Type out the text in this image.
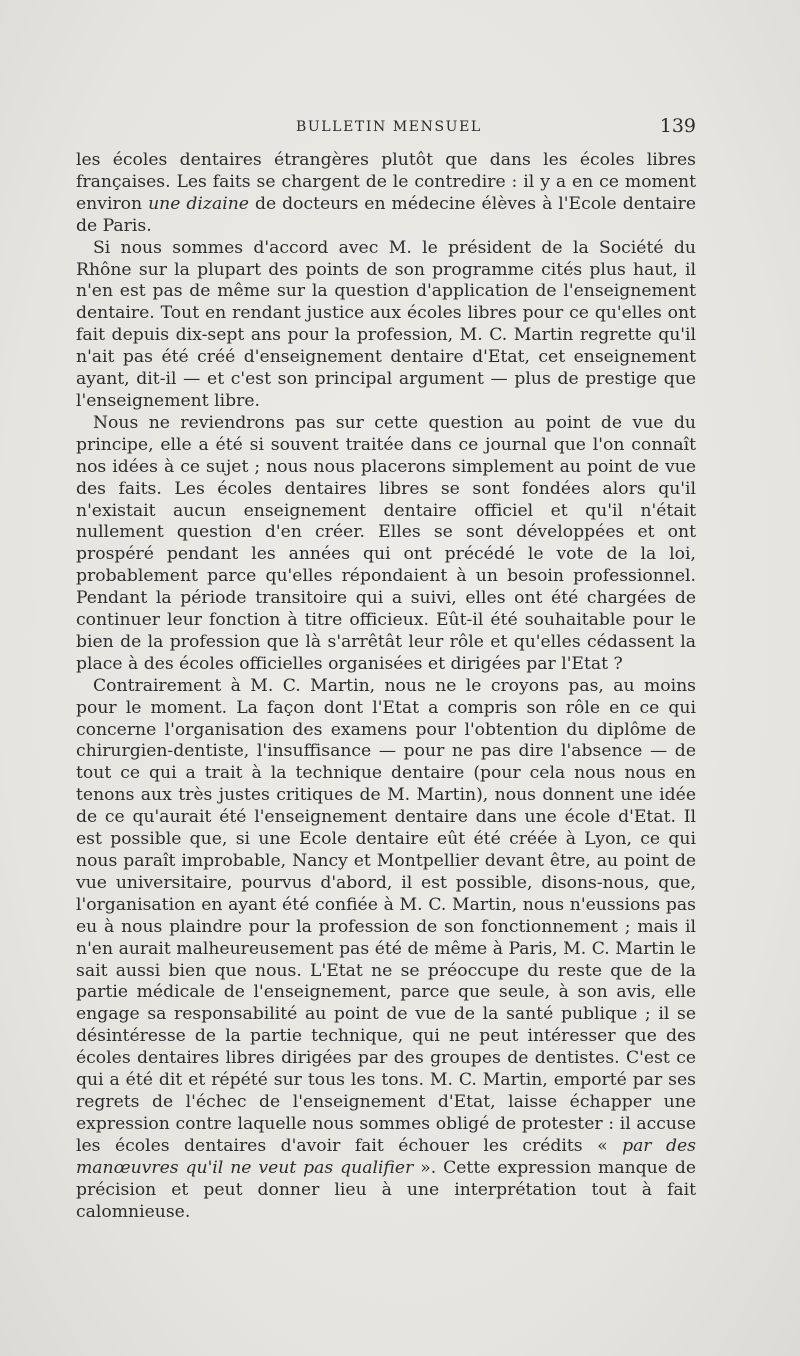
BULLETIN MENSUEL	139

les écoles dentaires étrangères plutôt que dans les écoles libres françaises. Les faits se chargent de le contredire : il y a en ce moment environ une dizaine de docteurs en médecine élèves à l'Ecole dentaire de Paris.

Si nous sommes d'accord avec M. le président de la Société du Rhône sur la plupart des points de son programme cités plus haut, il n'en est pas de même sur la question d'application de l'enseignement dentaire. Tout en rendant justice aux écoles libres pour ce qu'elles ont fait depuis dix-sept ans pour la profession, M. C. Martin regrette qu'il n'ait pas été créé d'enseignement dentaire d'Etat, cet enseignement ayant, dit-il — et c'est son principal argument — plus de prestige que l'enseignement libre.

Nous ne reviendrons pas sur cette question au point de vue du principe, elle a été si souvent traitée dans ce journal que l'on connaît nos idées à ce sujet ; nous nous placerons simplement au point de vue des faits. Les écoles dentaires libres se sont fondées alors qu'il n'existait aucun enseignement dentaire officiel et qu'il n'était nullement question d'en créer. Elles se sont développées et ont prospéré pendant les années qui ont précédé le vote de la loi, probablement parce qu'elles répondaient à un besoin professionnel. Pendant la période transitoire qui a suivi, elles ont été chargées de continuer leur fonction à titre officieux. Eût-il été souhaitable pour le bien de la profession que là s'arrêtât leur rôle et qu'elles cédassent la place à des écoles officielles organisées et dirigées par l'Etat ?

Contrairement à M. C. Martin, nous ne le croyons pas, au moins pour le moment. La façon dont l'Etat a compris son rôle en ce qui concerne l'organisation des examens pour l'obtention du diplôme de chirurgien-dentiste, l'insuffisance — pour ne pas dire l'absence — de tout ce qui a trait à la technique dentaire (pour cela nous nous en tenons aux très justes critiques de M. Martin), nous donnent une idée de ce qu'aurait été l'enseignement dentaire dans une école d'Etat. Il est possible que, si une Ecole dentaire eût été créée à Lyon, ce qui nous paraît improbable, Nancy et Montpellier devant être, au point de vue universitaire, pourvus d'abord, il est possible, disons-nous, que, l'organisation en ayant été confiée à M. C. Martin, nous n'eussions pas eu à nous plaindre pour la profession de son fonctionnement ; mais il n'en aurait malheureusement pas été de même à Paris, M. C. Martin le sait aussi bien que nous. L'Etat ne se préoccupe du reste que de la partie médicale de l'enseignement, parce que seule, à son avis, elle engage sa responsabilité au point de vue de la santé publique ; il se désintéresse de la partie technique, qui ne peut intéresser que des écoles dentaires libres dirigées par des groupes de dentistes. C'est ce qui a été dit et répété sur tous les tons. M. C. Martin, emporté par ses regrets de l'échec de l'enseignement d'Etat, laisse échapper une expression contre laquelle nous sommes obligé de protester : il accuse les écoles dentaires d'avoir fait échouer les crédits « par des manœuvres qu'il ne veut pas qualifier ». Cette expression manque de précision et peut donner lieu à une interprétation tout à fait calomnieuse.
